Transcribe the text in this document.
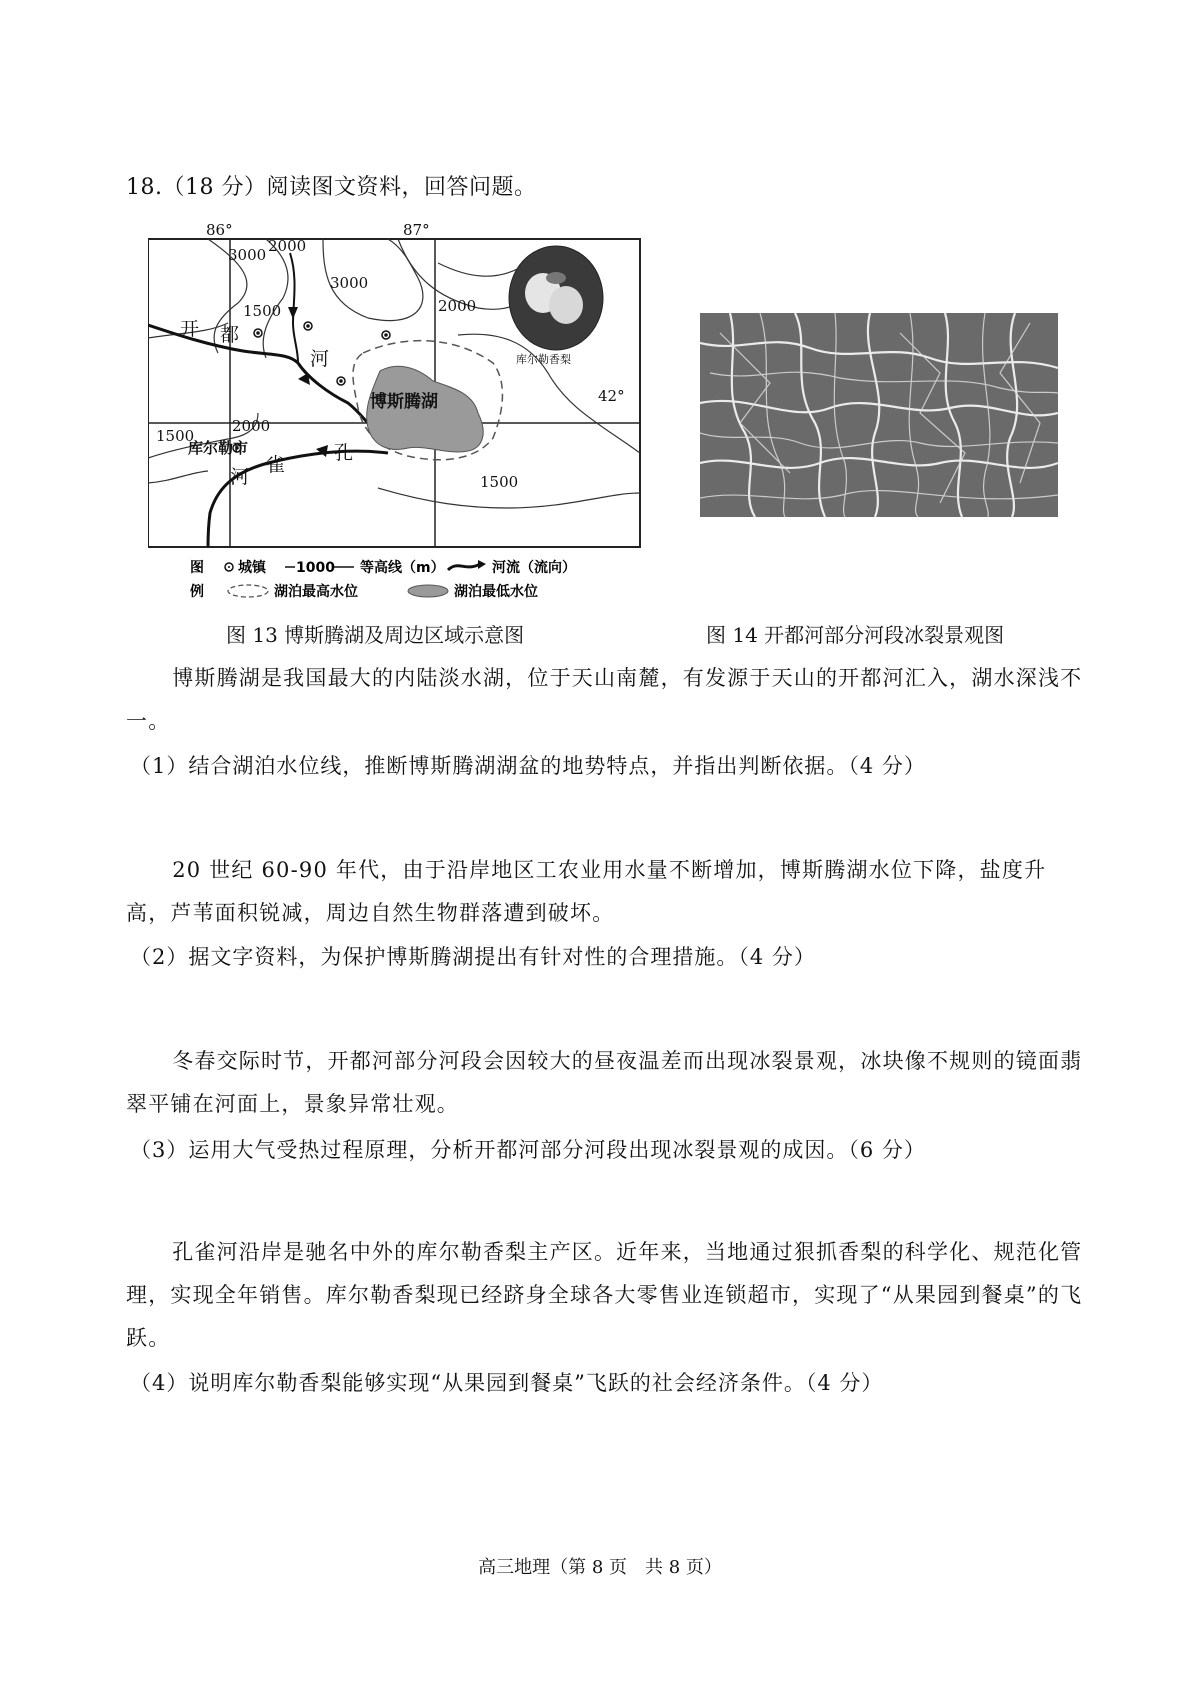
18.（18 分）阅读图文资料，回答问题。
86°	87°
42°
3000 2000
3000
1500	2000
2000
1500
1500
开 都
河
孔
雀
河
博斯腾湖
库尔勒市
库尔勒香梨
图
例
城镇 1000 等高线（m）	河流（流向）
湖泊最高水位	湖泊最低水位
图 13 博斯腾湖及周边区域示意图	图 14 开都河部分河段冰裂景观图
博斯腾湖是我国最大的内陆淡水湖，位于天山南麓，有发源于天山的开都河汇入，湖水深浅不一。
（1）结合湖泊水位线，推断博斯腾湖湖盆的地势特点，并指出判断依据。（4 分）
20 世纪 60-90 年代，由于沿岸地区工农业用水量不断增加，博斯腾湖水位下降，盐度升高，芦苇面积锐减，周边自然生物群落遭到破坏。
（2）据文字资料，为保护博斯腾湖提出有针对性的合理措施。（4 分）
冬春交际时节，开都河部分河段会因较大的昼夜温差而出现冰裂景观，冰块像不规则的镜面翡翠平铺在河面上，景象异常壮观。
（3）运用大气受热过程原理，分析开都河部分河段出现冰裂景观的成因。（6 分）
孔雀河沿岸是驰名中外的库尔勒香梨主产区。近年来，当地通过狠抓香梨的科学化、规范化管理，实现全年销售。库尔勒香梨现已经跻身全球各大零售业连锁超市，实现了“从果园到餐桌”的飞跃。
（4）说明库尔勒香梨能够实现“从果园到餐桌”飞跃的社会经济条件。（4 分）
高三地理（第 8 页　共 8 页）
